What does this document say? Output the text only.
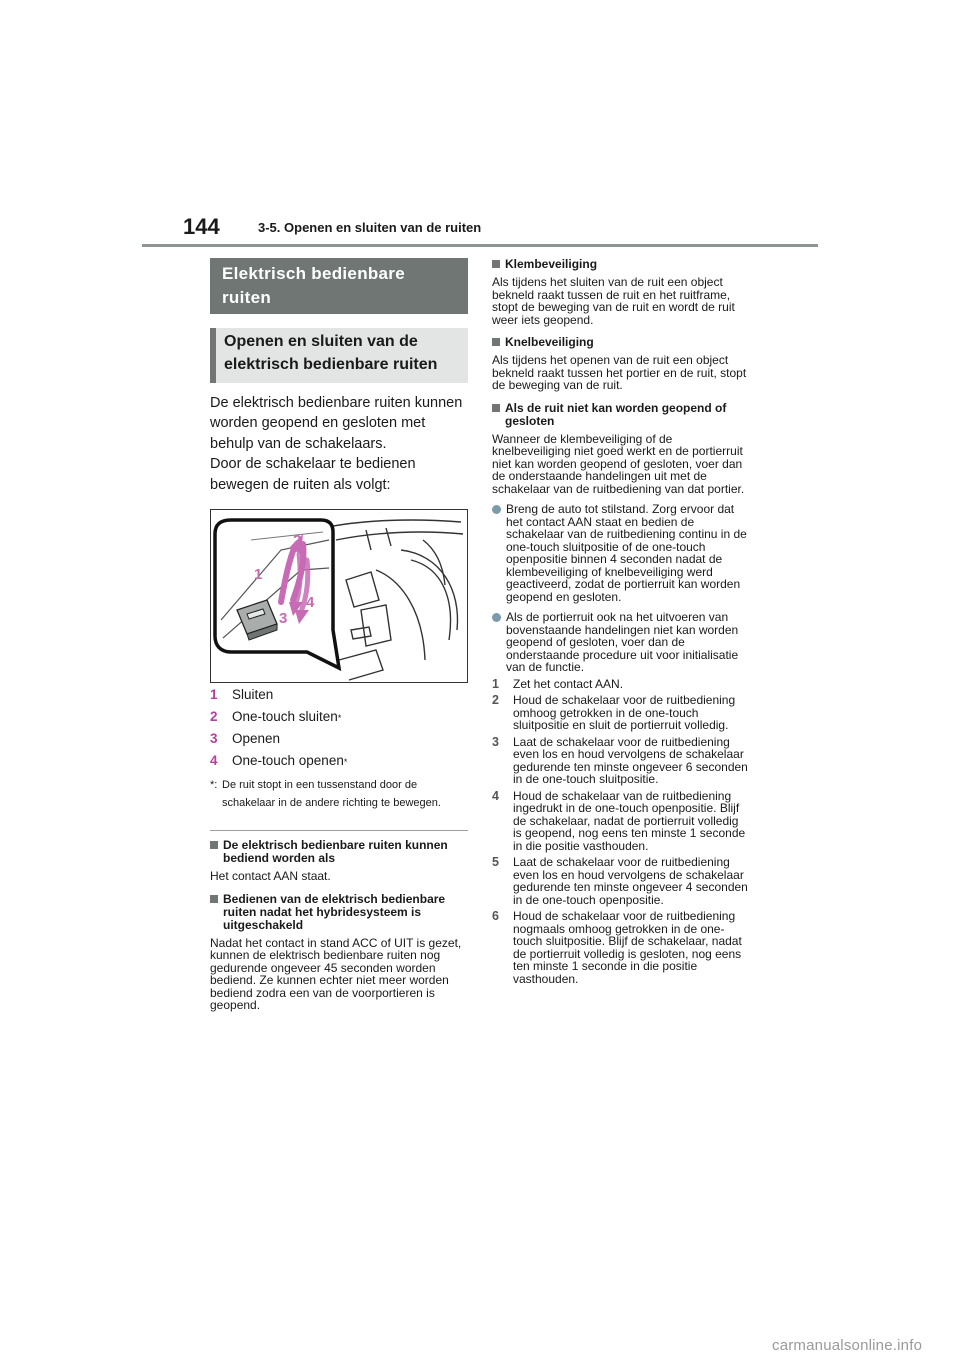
144	3-5. Openen en sluiten van de ruiten
Elektrisch bedienbare ruiten
Openen en sluiten van de elektrisch bedienbare ruiten

De elektrisch bedienbare ruiten kunnen worden geopend en gesloten met behulp van de schakelaars.

Door de schakelaar te bedienen bewegen de ruiten als volgt:

1
2
3
4
1	Sluiten
2	One-touch sluiten *
3	Openen
4	One-touch openen *
*: De ruit stopt in een tussenstand door de schakelaar in de andere richting te bewegen.
De elektrisch bedienbare ruiten kunnen bediend worden als
Het contact AAN staat.
Bedienen van de elektrisch bedienbare ruiten nadat het hybridesysteem is uitgeschakeld
Nadat het contact in stand ACC of UIT is gezet, kunnen de elektrisch bedienbare ruiten nog gedurende ongeveer 45 seconden worden bediend. Ze kunnen echter niet meer worden bediend zodra een van de voorportieren is geopend.
Klembeveiliging
Als tijdens het sluiten van de ruit een object bekneld raakt tussen de ruit en het ruitframe, stopt de beweging van de ruit en wordt de ruit weer iets geopend.
Knelbeveiliging
Als tijdens het openen van de ruit een object bekneld raakt tussen het portier en de ruit, stopt de beweging van de ruit.
Als de ruit niet kan worden geopend of gesloten
Wanneer de klembeveiliging of de knelbeveiliging niet goed werkt en de portierruit niet kan worden geopend of gesloten, voer dan de onderstaande handelingen uit met de schakelaar van de ruitbediening van dat portier.
Breng de auto tot stilstand. Zorg ervoor dat het contact AAN staat en bedien de schakelaar van de ruitbediening continu in de one-touch sluitpositie of de one-touch openpositie binnen 4 seconden nadat de klembeveiliging of knelbeveiliging werd geactiveerd, zodat de portierruit kan worden geopend en gesloten.
Als de portierruit ook na het uitvoeren van bovenstaande handelingen niet kan worden geopend of gesloten, voer dan de onderstaande procedure uit voor initialisatie van de functie.
1	Zet het contact AAN.
2	Houd de schakelaar voor de ruitbediening omhoog getrokken in de one-touch sluitpositie en sluit de portierruit volledig.
3	Laat de schakelaar voor de ruitbediening even los en houd vervolgens de schakelaar gedurende ten minste ongeveer 6 seconden in de one-touch sluitpositie.
4	Houd de schakelaar van de ruitbediening ingedrukt in de one-touch openpositie. Blijf de schakelaar, nadat de portierruit volledig is geopend, nog eens ten minste 1 seconde in die positie vasthouden.
5	Laat de schakelaar voor de ruitbediening even los en houd vervolgens de schakelaar gedurende ten minste ongeveer 4 seconden in de one-touch openpositie.
6	Houd de schakelaar voor de ruitbediening nogmaals omhoog getrokken in de one-touch sluitpositie. Blijf de schakelaar, nadat de portierruit volledig is gesloten, nog eens ten minste 1 seconde in die positie vasthouden.
carmanualsonline.info
